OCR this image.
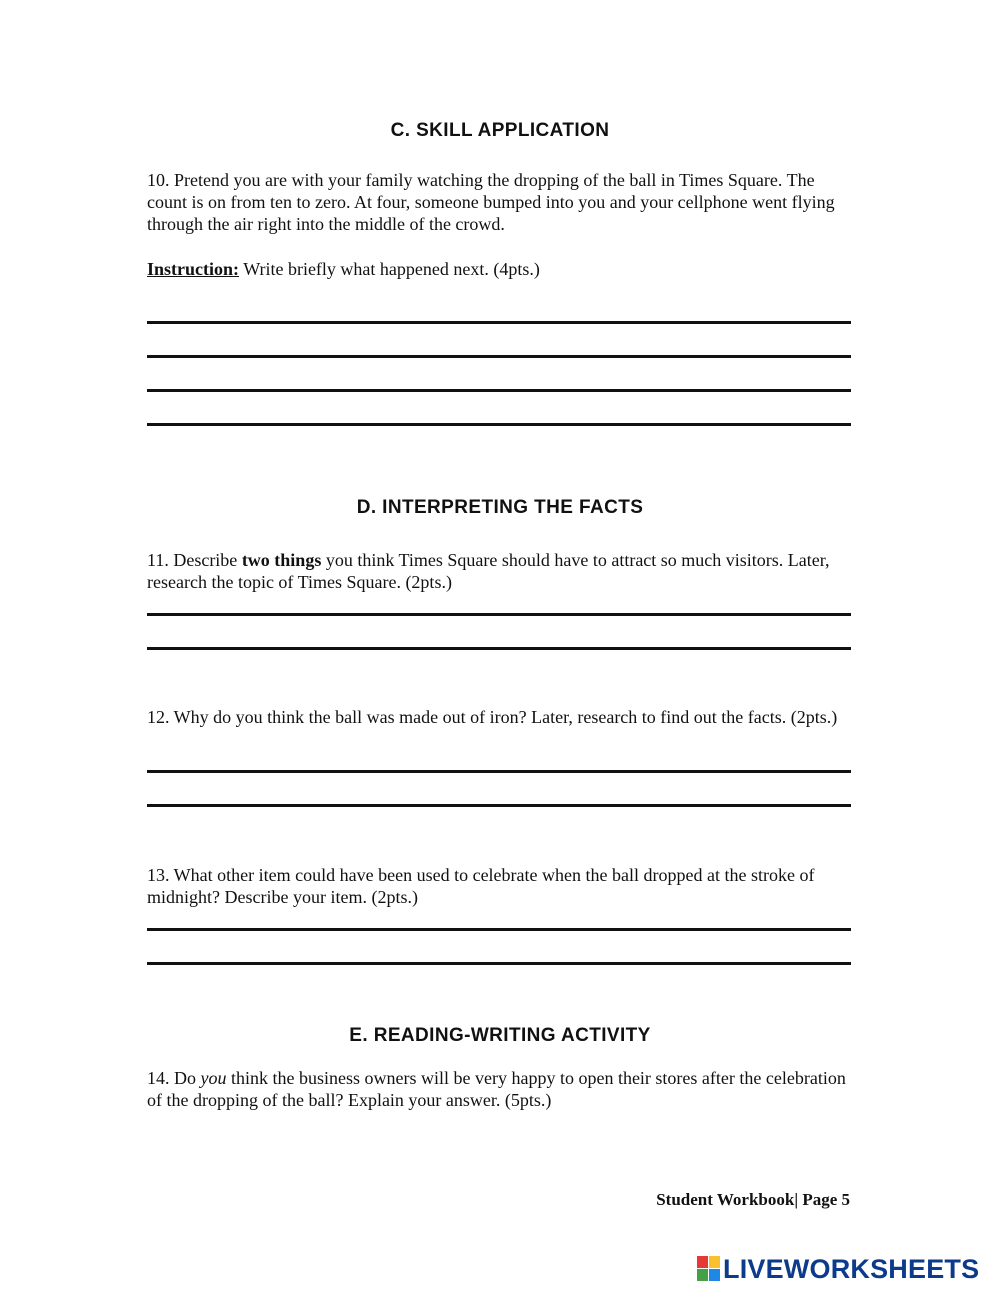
C. SKILL APPLICATION

10. Pretend you are with your family watching the dropping of the ball in Times Square. The count is on from ten to zero. At four, someone bumped into you and your cellphone went flying through the air right into the middle of the crowd.

Instruction: Write briefly what happened next. (4pts.)

D. INTERPRETING THE FACTS

11. Describe two things you think Times Square should have to attract so much visitors. Later, research the topic of Times Square. (2pts.)

12. Why do you think the ball was made out of iron? Later, research to find out the facts. (2pts.)

13. What other item could have been used to celebrate when the ball dropped at the stroke of midnight? Describe your item. (2pts.)

E. READING-WRITING ACTIVITY

14. Do you think the business owners will be very happy to open their stores after the celebration of the dropping of the ball? Explain your answer. (5pts.)

Student Workbook| Page 5

LIVEWORKSHEETS
